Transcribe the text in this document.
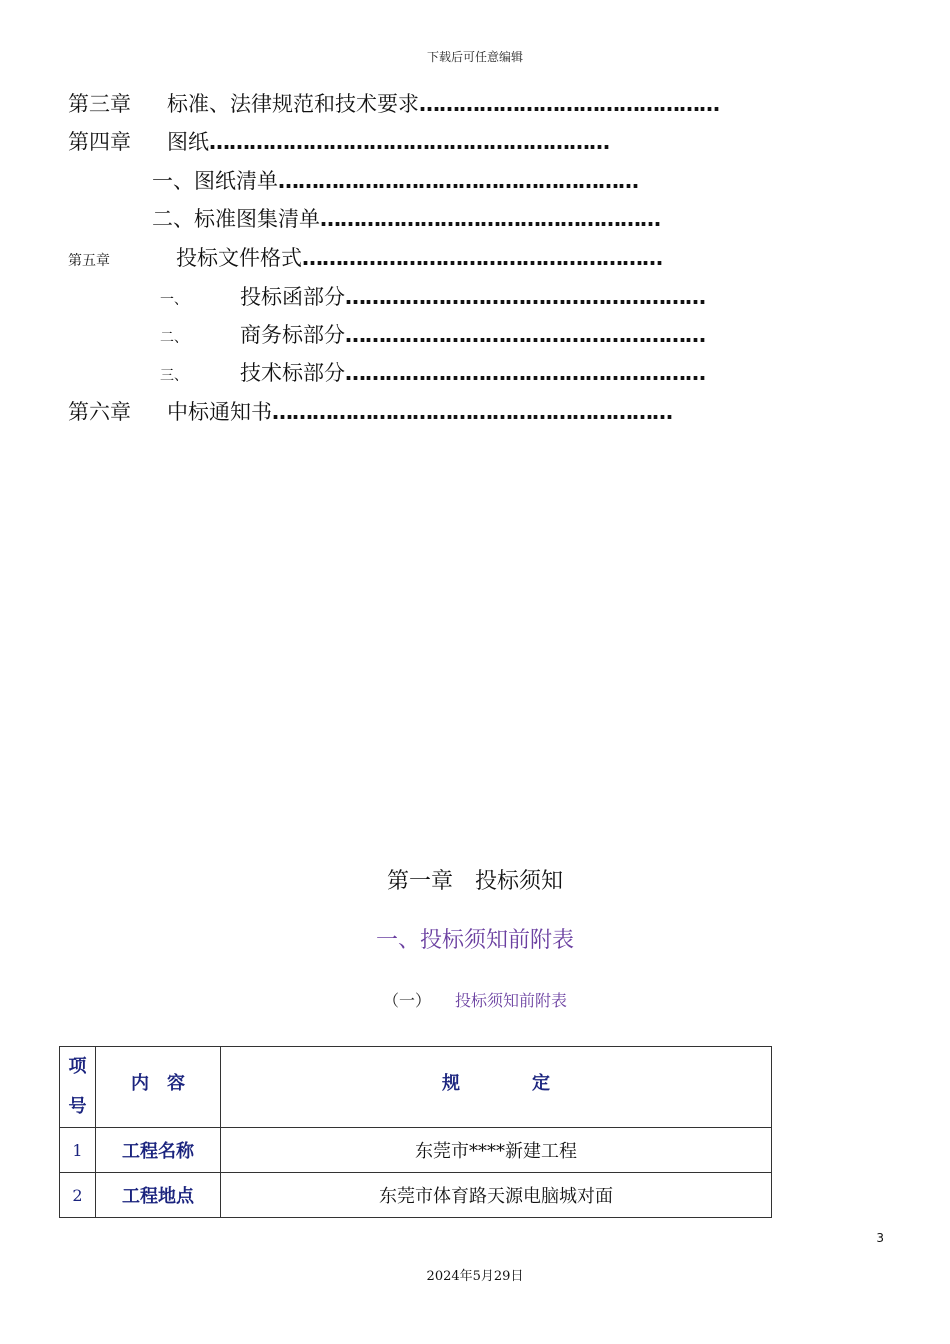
下载后可任意编辑
第三章 标准、法律规范和技术要求………………………………………
第四章 图纸……………………………………………………
一、图纸清单………………………………………………
二、标准图集清单……………………………………………
第五章	投标文件格式………………………………………………
一、 投标函部分………………………………………………
二、 商务标部分………………………………………………
三、 技术标部分………………………………………………
第六章 中标通知书……………………………………………………
第一章 投标须知
一、投标须知前附表
（一） 投标须知前附表
项
号	内　容	规　　　　定
1	工程名称	东莞市****新建工程
2	工程地点	东莞市体育路天源电脑城对面
3
2024年5月29日
